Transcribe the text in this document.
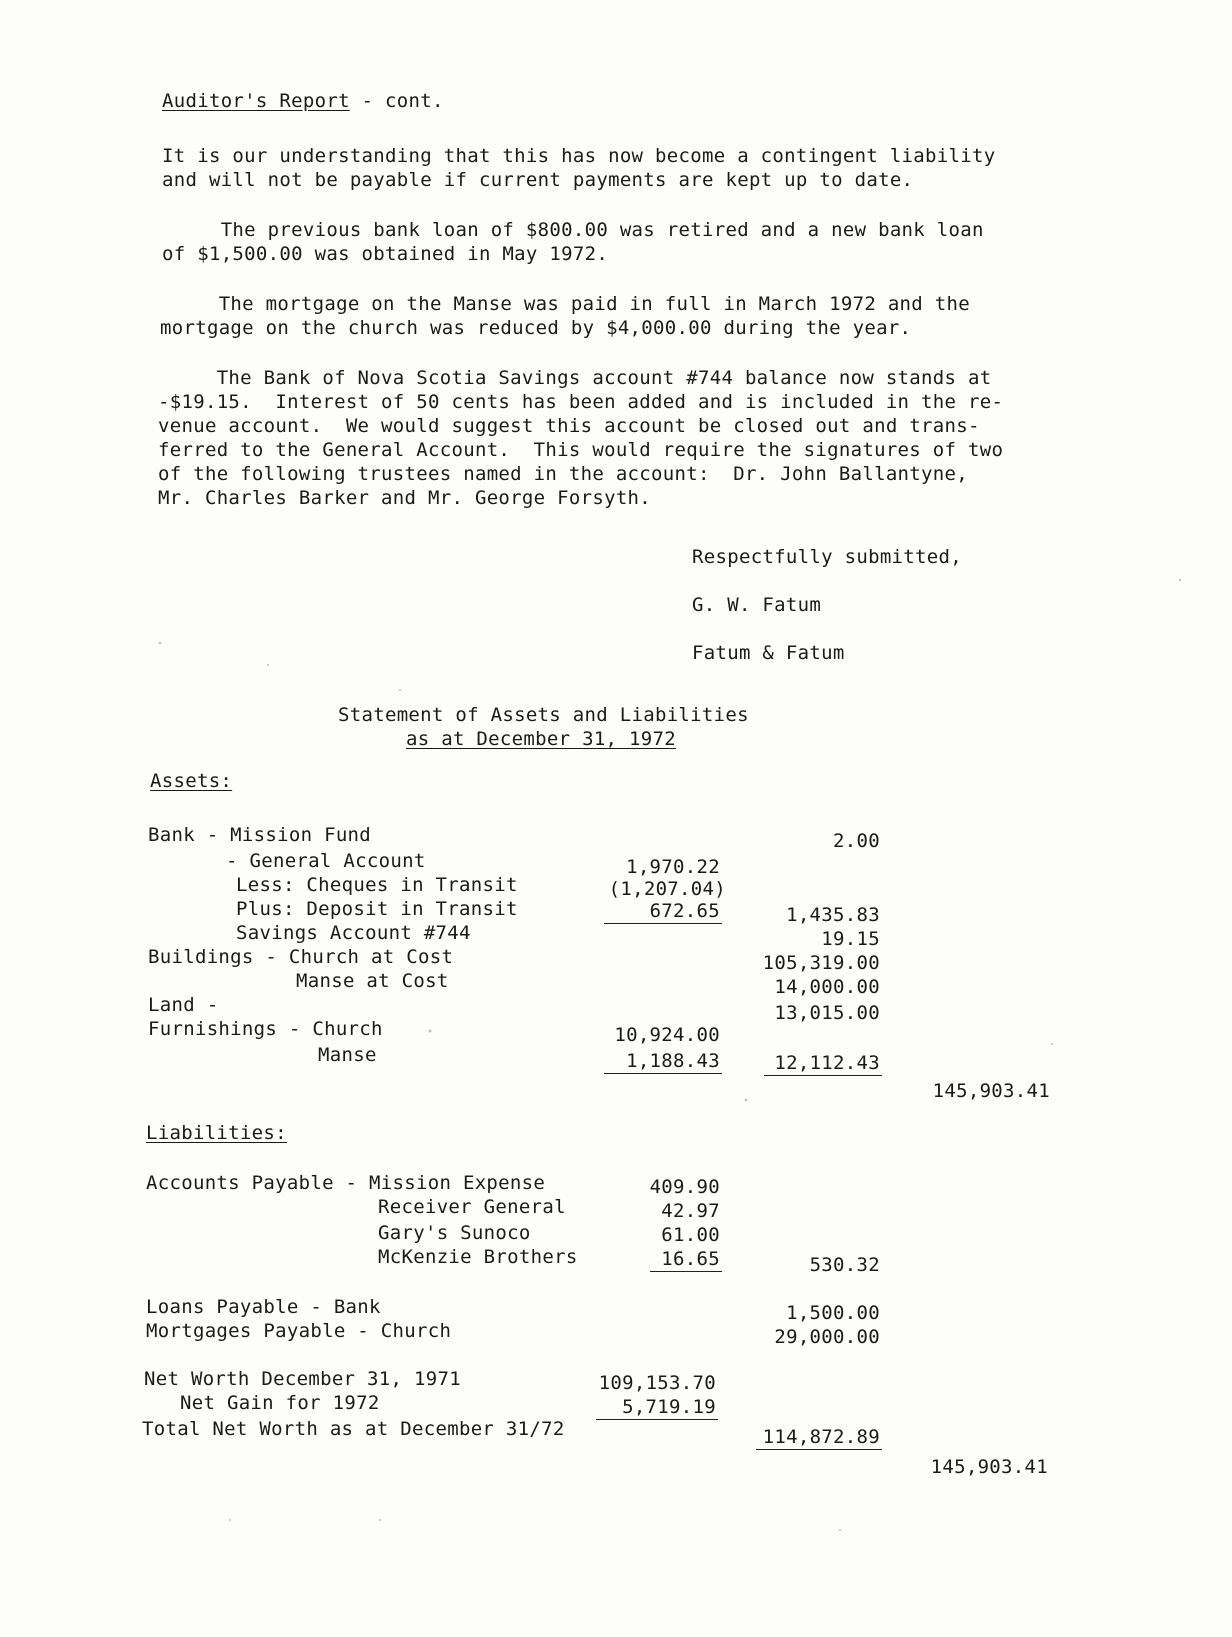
Auditor's Report - cont.
It is our understanding that this has now become a contingent liability
and will not be payable if current payments are kept up to date.
The previous bank loan of $800.00 was retired and a new bank loan
of $1,500.00 was obtained in May 1972.
The mortgage on the Manse was paid in full in March 1972 and the
mortgage on the church was reduced by $4,000.00 during the year.
The Bank of Nova Scotia Savings account #744 balance now stands at
-$19.15.  Interest of 50 cents has been added and is included in the re-
venue account.  We would suggest this account be closed out and trans-
ferred to the General Account.  This would require the signatures of two
of the following trustees named in the account:  Dr. John Ballantyne,
Mr. Charles Barker and Mr. George Forsyth.
Respectfully submitted,
G. W. Fatum
Fatum & Fatum
Statement of Assets and Liabilities
as at December 31, 1972
Assets:
Bank - Mission Fund	2.00
- General Account	1,970.22
Less: Cheques in Transit	(1,207.04)
Plus: Deposit in Transit	672.65	1,435.83
Savings Account #744	19.15
Buildings - Church at Cost	105,319.00
Manse at Cost	14,000.00
Land -	13,015.00
Furnishings - Church	10,924.00
Manse	1,188.43	12,112.43
145,903.41
Liabilities:
Accounts Payable - Mission Expense	409.90
Receiver General	42.97
Gary's Sunoco	61.00
McKenzie Brothers	16.65	530.32
Loans Payable - Bank	1,500.00
Mortgages Payable - Church	29,000.00
Net Worth December 31, 1971	109,153.70
Net Gain for 1972	5,719.19
Total Net Worth as at December 31/72	114,872.89
145,903.41
